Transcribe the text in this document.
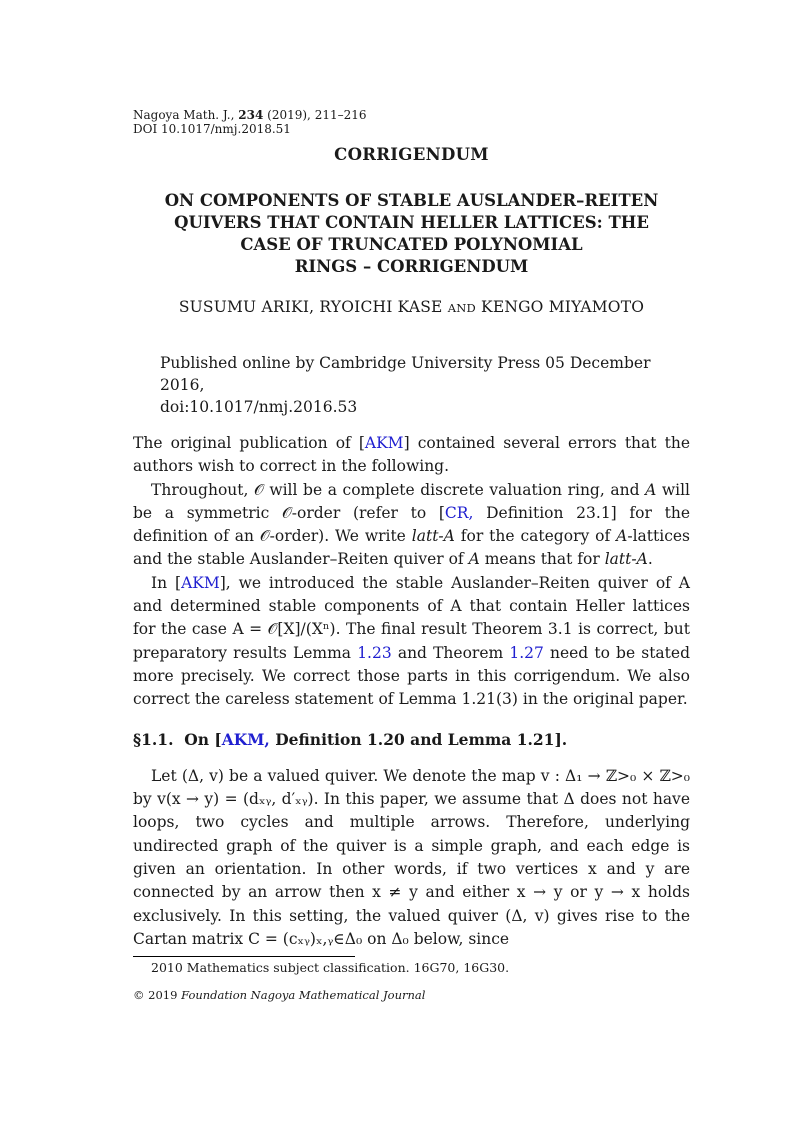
Nagoya Math. J., 234 (2019), 211–216
DOI 10.1017/nmj.2018.51
CORRIGENDUM
ON COMPONENTS OF STABLE AUSLANDER–REITEN
QUIVERS THAT CONTAIN HELLER LATTICES: THE
CASE OF TRUNCATED POLYNOMIAL
RINGS – CORRIGENDUM
SUSUMU ARIKI, RYOICHI KASE AND KENGO MIYAMOTO
Published online by Cambridge University Press 05 December 2016,
doi:10.1017/nmj.2016.53

The original publication of [AKM] contained several errors that the authors wish to correct in the following.

Throughout, 𝒪 will be a complete discrete valuation ring, and A will be a symmetric 𝒪-order (refer to [CR, Definition 23.1] for the definition of an 𝒪-order). We write latt-A for the category of A-lattices and the stable Auslander–Reiten quiver of A means that for latt-A.

In [AKM], we introduced the stable Auslander–Reiten quiver of A and determined stable components of A that contain Heller lattices for the case A = 𝒪[X]/(Xⁿ). The final result Theorem 3.1 is correct, but preparatory results Lemma 1.23 and Theorem 1.27 need to be stated more precisely. We correct those parts in this corrigendum. We also correct the careless statement of Lemma 1.21(3) in the original paper.

§1.1. On [AKM, Definition 1.20 and Lemma 1.21].

Let (Δ, v) be a valued quiver. We denote the map v : Δ₁ → ℤ>₀ × ℤ>₀ by v(x → y) = (dₓᵧ, d′ₓᵧ). In this paper, we assume that Δ does not have loops, two cycles and multiple arrows. Therefore, underlying undirected graph of the quiver is a simple graph, and each edge is given an orientation. In other words, if two vertices x and y are connected by an arrow then x ≠ y and either x → y or y → x holds exclusively. In this setting, the valued quiver (Δ, v) gives rise to the Cartan matrix C = (cₓᵧ)ₓ,ᵧ∈Δ₀ on Δ₀ below, since

2010 Mathematics subject classification. 16G70, 16G30.
© 2019 Foundation Nagoya Mathematical Journal
